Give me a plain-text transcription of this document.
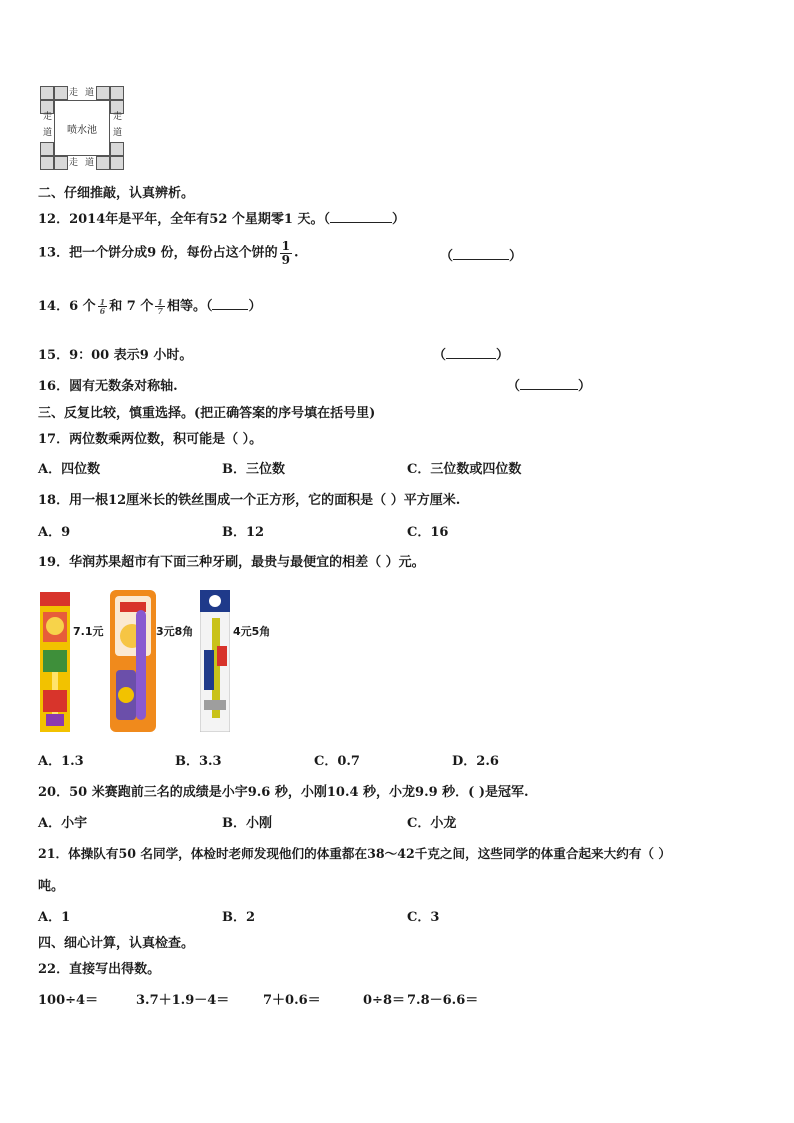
走 道
走 道
走
道
走
道
喷水池
二、仔细推敲，认真辨析。
12．2014年是平年，全年有52 个星期零1 天。（	）
13．把一个饼分成9 份，每份占这个饼的 $\frac{1}{9}$ .	（	）
14．6 个 $\frac{1}{6}$ 和 7 个 $\frac{1}{7}$ 相等。（	）
15．9：00 表示9 小时。	（	）
16．圆有无数条对称轴.	（	）
三、反复比较，慎重选择。(把正确答案的序号填在括号里)
17．两位数乘两位数，积可能是（ ）。
A．四位数	B．三位数	C．三位数或四位数
18．用一根12厘米长的铁丝围成一个正方形，它的面积是（ ）平方厘米.
A．9	B．12	C．16
19．华润苏果超市有下面三种牙刷，最贵与最便宜的相差（ ）元。
7.1元	3元8角	4元5角
A．1.3	B．3.3	C．0.7	D．2.6
20．50 米赛跑前三名的成绩是小宇9.6 秒，小刚10.4 秒，小龙9.9 秒．( )是冠军.
A．小宇	B．小刚	C．小龙
21．体操队有50 名同学，体检时老师发现他们的体重都在38～42千克之间，这些同学的体重合起来大约有（ ）
吨。
A．1	B．2	C．3
四、细心计算，认真检查。
22．直接写出得数。
100÷4＝	3.7＋1.9－4＝	7＋0.6＝	0÷8＝ 7.8－6.6＝
